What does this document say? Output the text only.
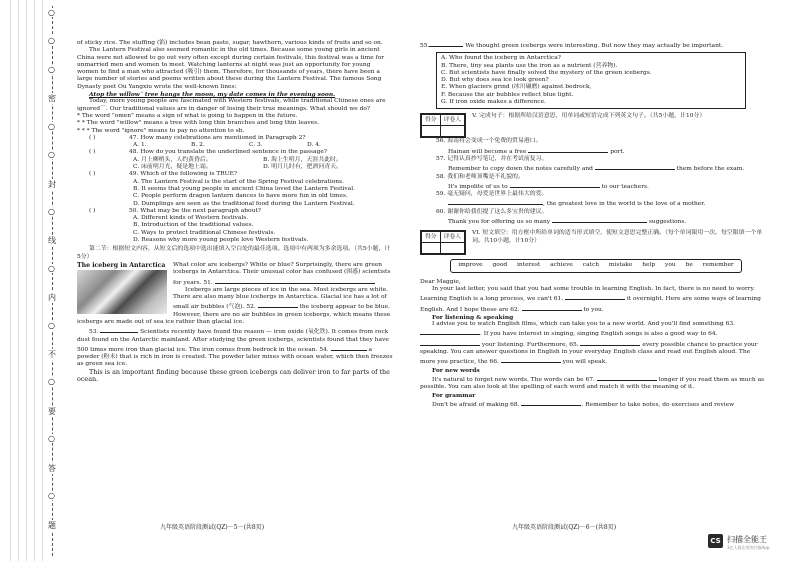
○
○
○
密
○
○
封
○
线
○
内
○
不
○
要
○
答
○
题

of sticky rice. The stuffing (馅) includes bean paste, sugar, hawthorn, various kinds of fruits and so on.

The Lantern Festival also seemed romantic in the old times. Because some young girls in ancient China were not allowed to go out very often except during certain festivals, this festival was a time for unmarried men and women to meet. Watching lanterns at night was just an opportunity for young women to find a man who attracted (吸引) them. Therefore, for thousands of years, there have been a large number of stories and poems written about these during the Lantern Festival. The famous Song Dynasty poet Ou Yangxiu wrote the well-known lines:

Atop the willow¨ tree hangs the moon, my date comes in the evening soon.

Today, more young people are fascinated with Western festivals, while traditional Chinese ones are ignored¨¨. Our traditional values are in danger of losing their true meanings. What should we do?

* The word "omen" means a sign of what is going to happen in the future.

* * The word "willow" means a tree with long thin branches and long thin leaves.

* * * The word "ignore" means to pay no attention to sb.

( )	47. How many celebrations are mentioned in Paragraph 2?
A. 1.	B. 2.	C. 3.	D. 4.
( )	48. How do you translate the underlined sentence in the passage?
A. 月上柳梢头，人约黄昏后。	B. 海上生明月，天涯共此时。
C. 床前明月光，疑是地上霜。	D. 明月几时有，把酒问青天。
( )	49. Which of the following is TRUE?

A. The Lantern Festival is the start of the Spring Festival celebrations.

B. It seems that young people in ancient China loved the Lantern Festival.

C. People perform dragon lantern dances to have more fun in old times.

D. Dumplings are seen as the traditional food during the Lantern Festival.

( )	50. What may be the next paragraph about?

A. Different kinds of Western festivals.

B. Introduction of the traditional values.

C. Ways to protect traditional Chinese festivals.

D. Reasons why more young people love Western festivals.

第二节：根据短文内容，从短文后的选项中选出能填入空白处的最佳选项。选项中有两项为多余选项。（共5小题，计5分）

The iceberg in Antarctica	What color are icebergs? White or blue? Surprisingly, there are green icebergs in Antarctica. Their unusual color has confused (困惑) scientists for years. 51.

Icebergs are large pieces of ice in the sea. Most icebergs are white. There are also many blue icebergs in Antarctica. Glacial ice has a lot of small air bubbles (气泡). 52.	the iceberg appear to be blue. However, there are no air bubbles in green icebergs, which means these icebergs are made out of sea ice rather than glacial ice.

53.	Scientists recently have found the reason — iron oxide (氧化铁). It comes from rock dust found on the Antarctic mainland. After studying the green icebergs, scientists found that they have 500 times more iron than glacial ice. The iron comes from bedrock in the ocean. 54.	a powder (粉末) that is rich in iron is created. The powder later mixes with ocean water, which then freezes as green sea ice.

This is an important finding because these green icebergs can deliver iron to far parts of the ocean.

九年级英语阶段测试(QZ)－5－(共8页)

55.	We thought green icebergs were interesting. But now they may actually be important.

A. Who found the iceberg in Antarctica?

B. There, tiny sea plants use the iron as a nutrient (营养物).

C. But scientists have finally solved the mystery of the green icebergs.

D. But why does sea ice look green?

E. When glaciers grind (冰川碾磨) against bedrock,

F. Because the air bubbles reflect blue light.

G. If iron oxide makes a difference.

得分	评卷人

V. 完成句子：根据所给汉语意思，用单词或短语完成下列英文句子。（共5小题，计10分）

56. 海南将会变成一个免费的贸易港口。

Hainan will become a free	port.

57. 记得认真抄写笔记，并在考试前复习。

Remember to copy down the notes carefully and	them before the exam.

58. 我们和老师顶嘴是不礼貌的。

It's impolite of us to	to our teachers.

59. 毫无疑问，母爱是世界上最伟大的爱。

, the greatest love in the world is the love of a mother.

60. 谢谢你给我们提了这么多宝贵的建议。

Thank you for offering us so many	suggestions.

得分	评卷人

VI. 短文填空：用方框中所给单词的适当形式填空，使短文意思完整正确。（每个单词限用一次。每空限填一个单词。共10小题，计10分）

improve good interest achieve catch mistake help you be remember

Dear Maggie,

In your last letter, you said that you had some trouble in learning English. In fact, there is no need to worry. Learning English is a long process, we can't 61.	it overnight. Here are some ways of learning English. And I hope these are 62.	to you.

For listening & speaking

I advise you to watch English films, which can take you to a new world. And you'll find something 63. . If you have interest in singing, singing English songs is also a good way to 64.  your listening. Furthermore, 65.	every possible chance to practice your speaking. You can answer questions in English in your everyday English class and read out English aloud. The more you practice, the 66.	you will speak.

For new words

It's natural to forget new words. The words can be 67.	longer if you read them as much as possible. You can also look at the spelling of each word and match it with the meaning of it.

For grammar

Don't be afraid of making 68.	. Remember to take notes, do exercises and review

九年级英语阶段测试(QZ)－6－(共8页)
CS 扫描全能王
3亿人都在用的扫描App
